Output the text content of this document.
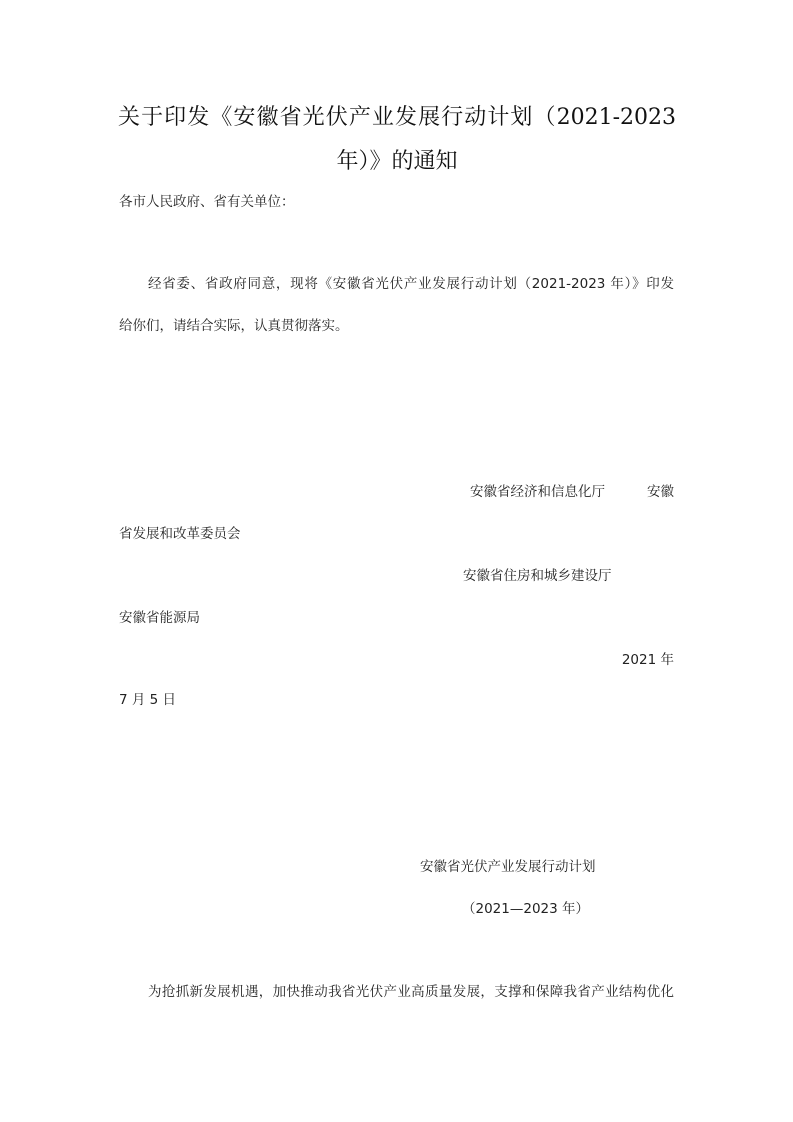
关于印发《安徽省光伏产业发展行动计划（2021-2023
年）》的通知
各市人民政府、省有关单位：
经省委、省政府同意，现将《安徽省光伏产业发展行动计划（2021-2023 年）》印发
给你们，请结合实际，认真贯彻落实。
安徽省经济和信息化厅	安徽
省发展和改革委员会
安徽省住房和城乡建设厅
安徽省能源局
2021 年
7 月 5 日
安徽省光伏产业发展行动计划
（2021—2023 年）
为抢抓新发展机遇，加快推动我省光伏产业高质量发展，支撑和保障我省产业结构优化
